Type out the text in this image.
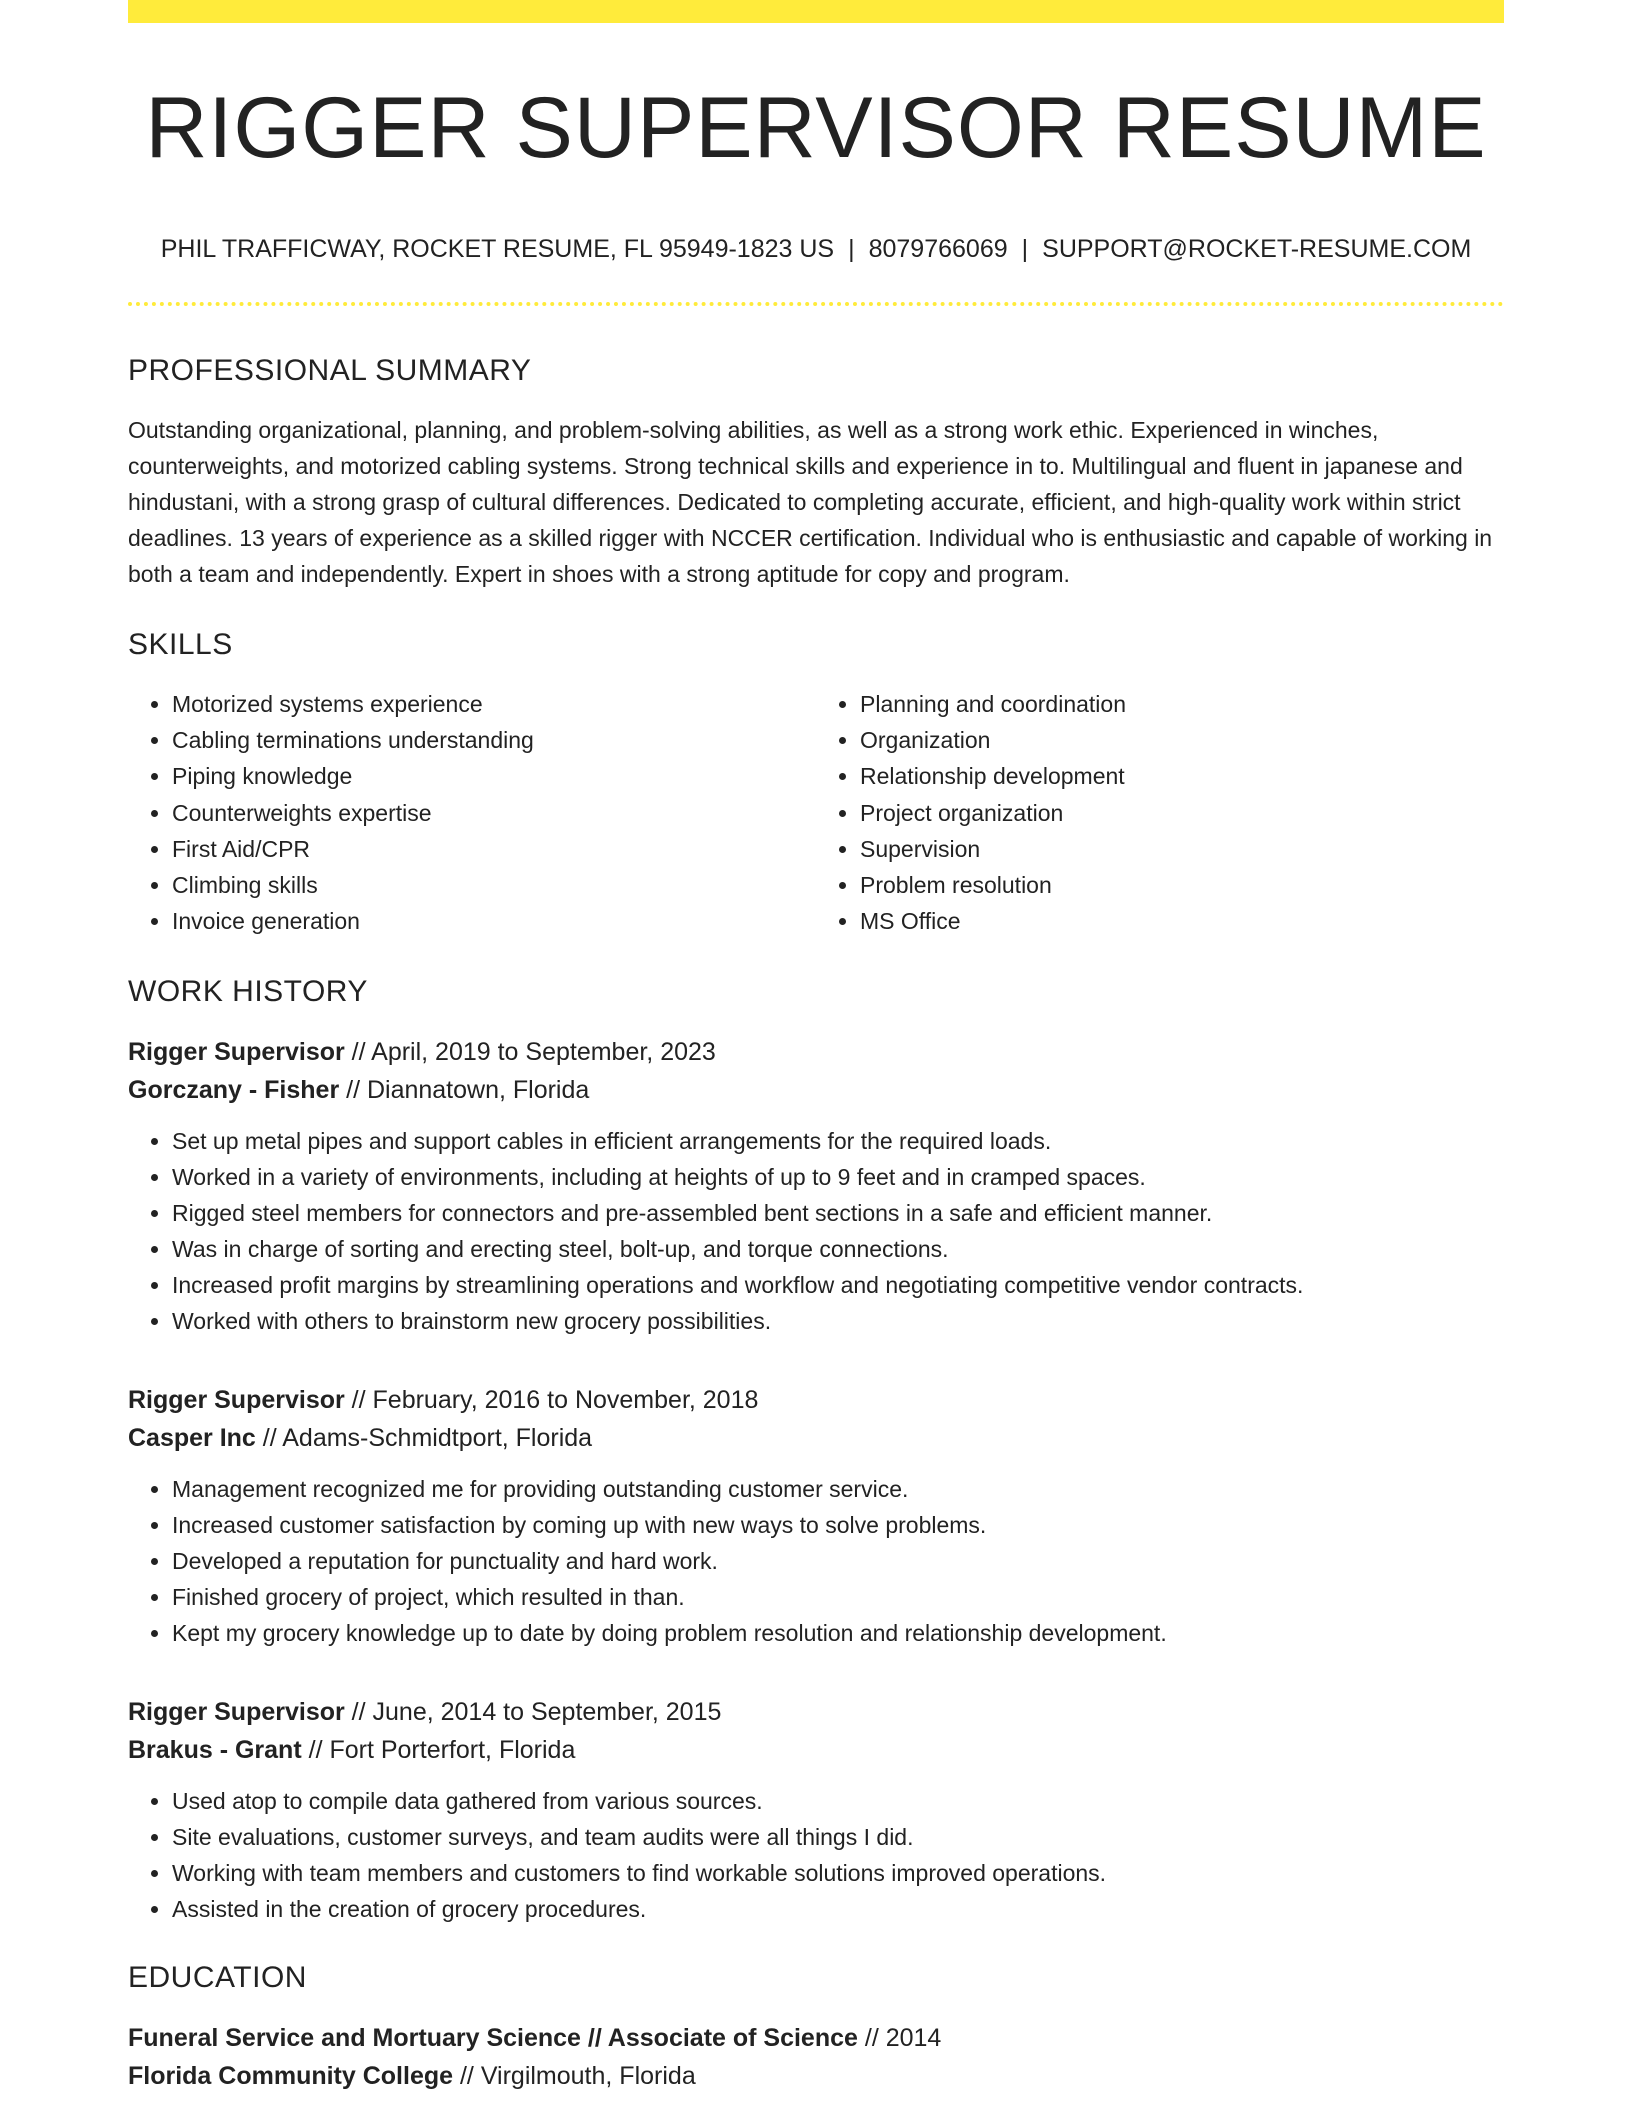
RIGGER SUPERVISOR RESUME
PHIL TRAFFICWAY, ROCKET RESUME, FL 95949-1823 US | 8079766069 | SUPPORT@ROCKET-RESUME.COM
PROFESSIONAL SUMMARY
Outstanding organizational, planning, and problem-solving abilities, as well as a strong work ethic. Experienced in winches, counterweights, and motorized cabling systems. Strong technical skills and experience in to. Multilingual and fluent in japanese and hindustani, with a strong grasp of cultural differences. Dedicated to completing accurate, efficient, and high-quality work within strict deadlines. 13 years of experience as a skilled rigger with NCCER certification. Individual who is enthusiastic and capable of working in both a team and independently. Expert in shoes with a strong aptitude for copy and program.
SKILLS
• Motorized systems experience
• Cabling terminations understanding
• Piping knowledge
• Counterweights expertise
• First Aid/CPR
• Climbing skills
• Invoice generation
• Planning and coordination
• Organization
• Relationship development
• Project organization
• Supervision
• Problem resolution
• MS Office
WORK HISTORY
Rigger Supervisor // April, 2019 to September, 2023
Gorczany - Fisher // Diannatown, Florida
• Set up metal pipes and support cables in efficient arrangements for the required loads.
• Worked in a variety of environments, including at heights of up to 9 feet and in cramped spaces.
• Rigged steel members for connectors and pre-assembled bent sections in a safe and efficient manner.
• Was in charge of sorting and erecting steel, bolt-up, and torque connections.
• Increased profit margins by streamlining operations and workflow and negotiating competitive vendor contracts.
• Worked with others to brainstorm new grocery possibilities.
Rigger Supervisor // February, 2016 to November, 2018
Casper Inc // Adams-Schmidtport, Florida
• Management recognized me for providing outstanding customer service.
• Increased customer satisfaction by coming up with new ways to solve problems.
• Developed a reputation for punctuality and hard work.
• Finished grocery of project, which resulted in than.
• Kept my grocery knowledge up to date by doing problem resolution and relationship development.
Rigger Supervisor // June, 2014 to September, 2015
Brakus - Grant // Fort Porterfort, Florida
• Used atop to compile data gathered from various sources.
• Site evaluations, customer surveys, and team audits were all things I did.
• Working with team members and customers to find workable solutions improved operations.
• Assisted in the creation of grocery procedures.
EDUCATION
Funeral Service and Mortuary Science // Associate of Science // 2014
Florida Community College // Virgilmouth, Florida
